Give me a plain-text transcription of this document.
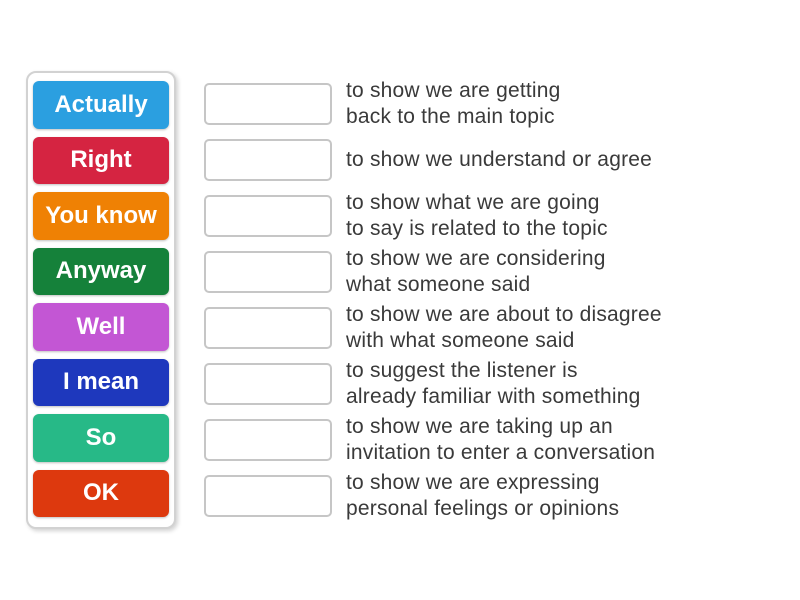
Actually
Right
You know
Anyway
Well
I mean
So
OK
to show we are getting
back to the main topic
to show we understand or agree
to show what we are going
to say is related to the topic
to show we are considering
what someone said
to show we are about to disagree
with what someone said
to suggest the listener is
already familiar with something
to show we are taking up an
invitation to enter a conversation
to show we are expressing
personal feelings or opinions
